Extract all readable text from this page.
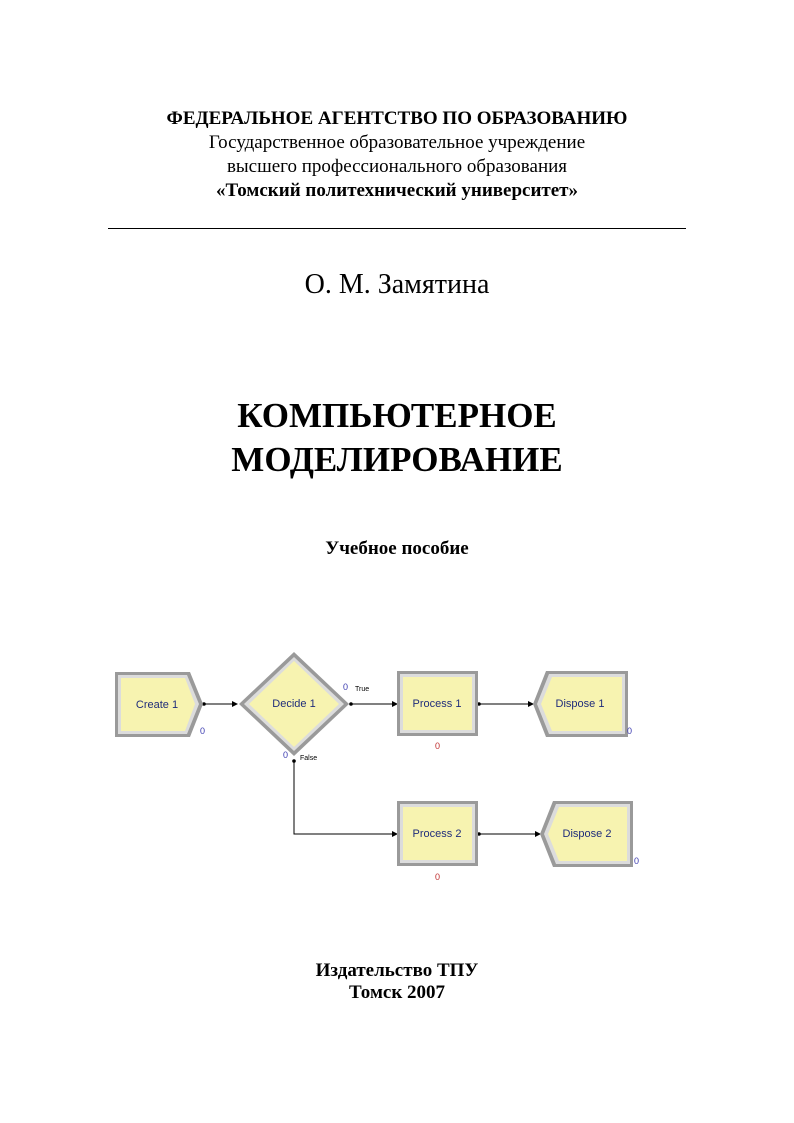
ФЕДЕРАЛЬНОЕ АГЕНТСТВО ПО ОБРАЗОВАНИЮ
Государственное образовательное учреждение
высшего профессионального образования
«Томский политехнический университет»
О. М. Замятина
КОМПЬЮТЕРНОЕ
МОДЕЛИРОВАНИЕ
Учебное пособие
Create 1
0
Decide 1
0 True
0 False
Process 1
0
Dispose 1
0
Process 2
0
Dispose 2
0
Издательство ТПУ
Томск 2007
